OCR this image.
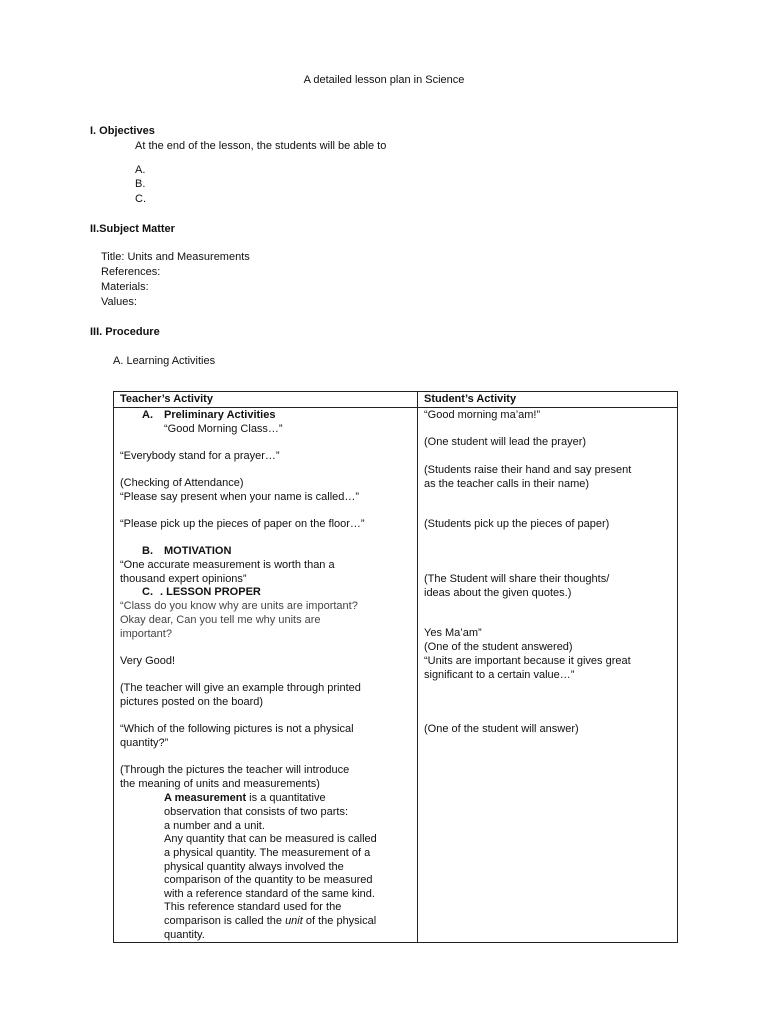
A detailed lesson plan in Science
I. Objectives
At the end of the lesson, the students will be able to
A.
B.
C.
II.Subject Matter
Title: Units and Measurements
References:
Materials:
Values:
III. Procedure
A. Learning Activities
Teacher’s Activity	Student’s Activity
A. Preliminary Activities
“Good Morning Class…”
“Everybody stand for a prayer…”
(Checking of Attendance)
“Please say present when your name is called…”
“Please pick up the pieces of paper on the floor…”
B. MOTIVATION
“One accurate measurement is worth than a
thousand expert opinions”
C. . LESSON PROPER
“Class do you know why are units are important?
Okay dear, Can you tell me why units are
important?
Very Good!
(The teacher will give an example through printed
pictures posted on the board)
“Which of the following pictures is not a physical
quantity?”
(Through the pictures the teacher will introduce
the meaning of units and measurements)
A measurement is a quantitative
observation that consists of two parts:
a number and a unit.
Any quantity that can be measured is called
a physical quantity. The measurement of a
physical quantity always involved the
comparison of the quantity to be measured
with a reference standard of the same kind.
This reference standard used for the
comparison is called the unit of the physical
quantity.
“Good morning ma’am!”
(One student will lead the prayer)
(Students raise their hand and say present
as the teacher calls in their name)
(Students pick up the pieces of paper)
(The Student will share their thoughts/
ideas about the given quotes.)
Yes Ma’am”
(One of the student answered)
“Units are important because it gives great
significant to a certain value…”
(One of the student will answer)
